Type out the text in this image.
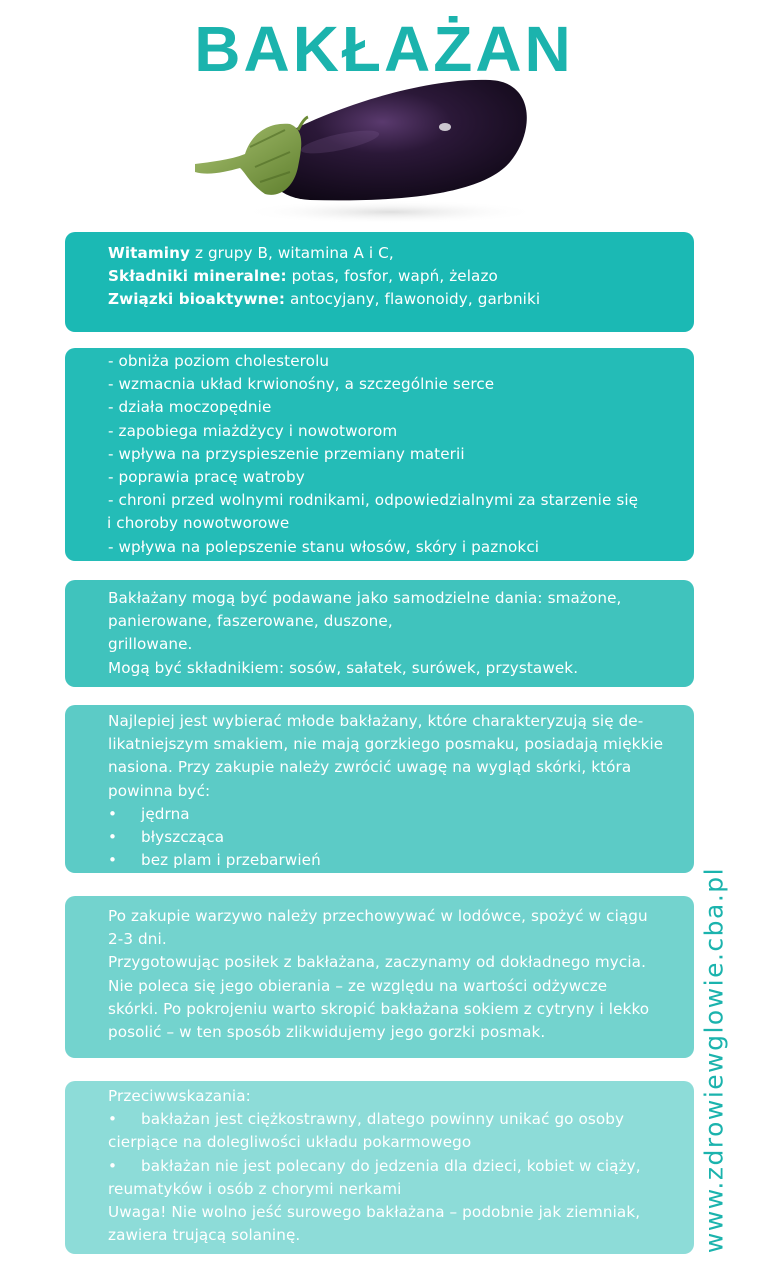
BAKŁAŻAN
Witaminy z grupy B, witamina A i C,
Składniki mineralne: potas, fosfor, wapń, żelazo
Związki bioaktywne: antocyjany, flawonoidy, garbniki
- obniża poziom cholesterolu
- wzmacnia układ krwionośny, a szczególnie serce
- działa moczopędnie
- zapobiega miażdżycy i nowotworom
- wpływa na przyspieszenie przemiany materii
- poprawia pracę watroby
- chroni przed wolnymi rodnikami, odpowiedzialnymi za starzenie się
i choroby nowotworowe
- wpływa na polepszenie stanu włosów, skóry i paznokci
Bakłażany mogą być podawane jako samodzielne dania: smażone,
panierowane, faszerowane, duszone,
grillowane.
Mogą być składnikiem: sosów, sałatek, surówek, przystawek.
Najlepiej jest wybierać młode bakłażany, które charakteryzują się de-
likatniejszym smakiem, nie mają gorzkiego posmaku, posiadają miękkie
nasiona. Przy zakupie należy zwrócić uwagę na wygląd skórki, która
powinna być:
• jędrna
• błyszcząca
• bez plam i przebarwień
Po zakupie warzywo należy przechowywać w lodówce, spożyć w ciągu
2-3 dni.
Przygotowując posiłek z bakłażana, zaczynamy od dokładnego mycia.
Nie poleca się jego obierania – ze względu na wartości odżywcze
skórki. Po pokrojeniu warto skropić bakłażana sokiem z cytryny i lekko
posolić – w ten sposób zlikwidujemy jego gorzki posmak.
Przeciwwskazania:
• bakłażan jest ciężkostrawny, dlatego powinny unikać go osoby
cierpiące na dolegliwości układu pokarmowego
• bakłażan nie jest polecany do jedzenia dla dzieci, kobiet w ciąży,
reumatyków i osób z chorymi nerkami
Uwaga! Nie wolno jeść surowego bakłażana – podobnie jak ziemniak,
zawiera trującą solaninę.	www.zdrowiewglowie.cba.pl
